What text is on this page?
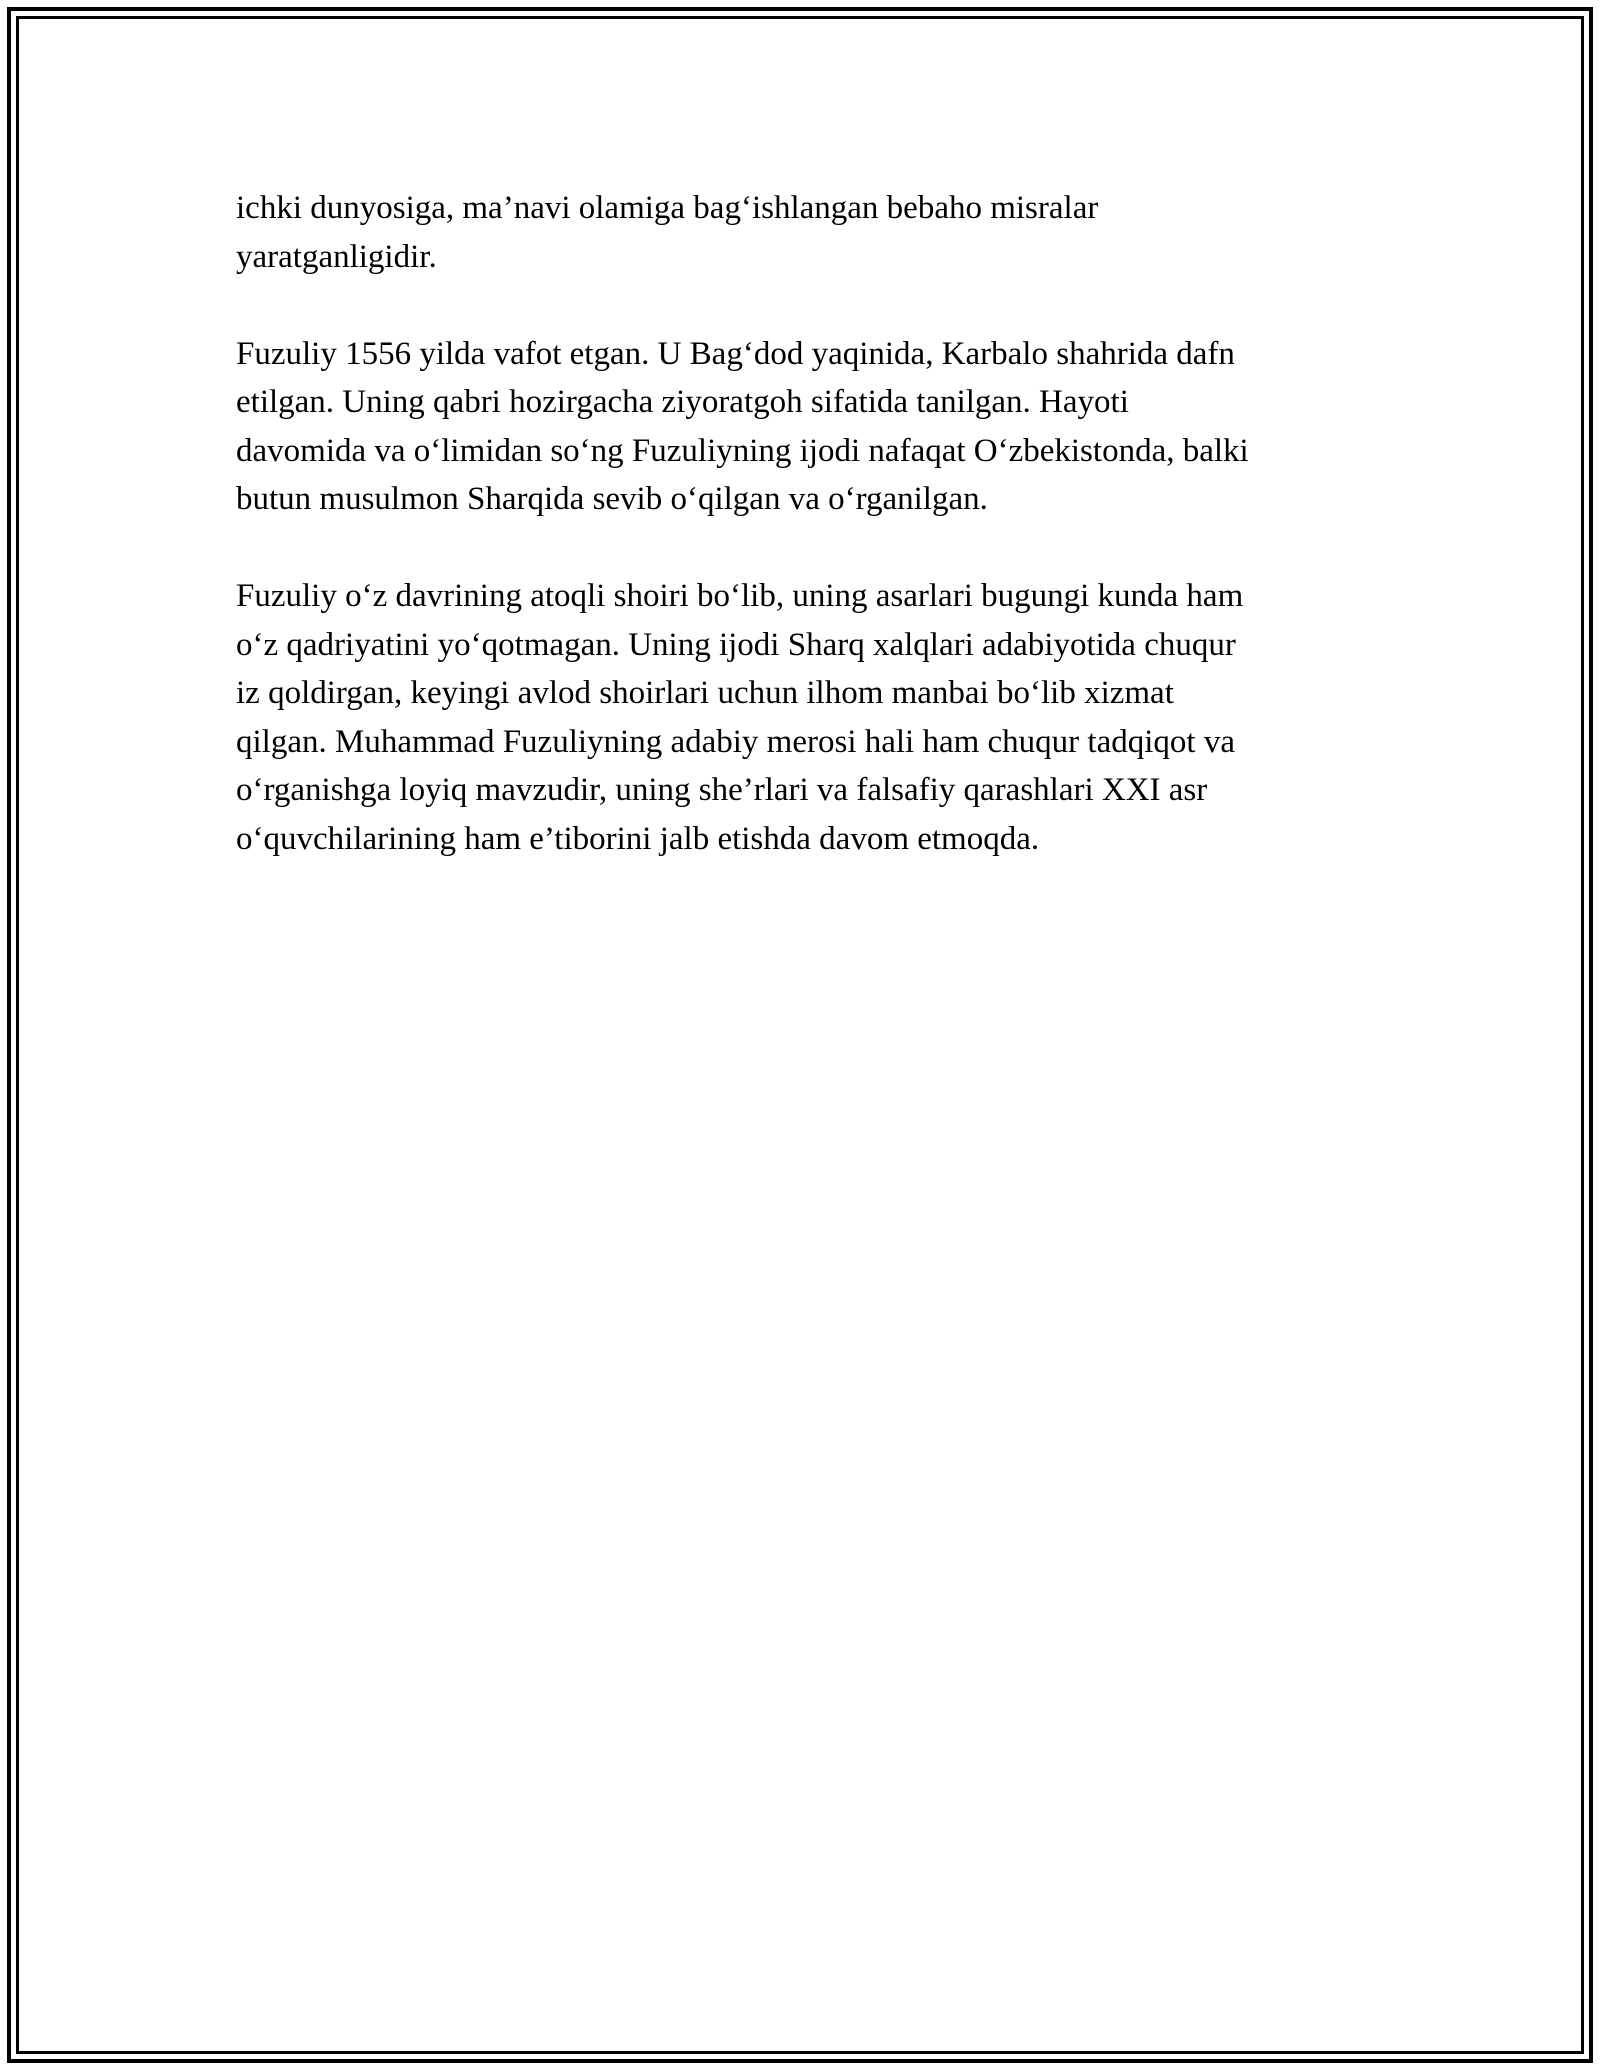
ichki dunyosiga, ma’navi olamiga bag‘ishlangan bebaho misralar
yaratganligidir.

Fuzuliy 1556 yilda vafot etgan. U Bag‘dod yaqinida, Karbalo shahrida dafn
etilgan. Uning qabri hozirgacha ziyoratgoh sifatida tanilgan. Hayoti
davomida va o‘limidan so‘ng Fuzuliyning ijodi nafaqat O‘zbekistonda, balki
butun musulmon Sharqida sevib o‘qilgan va o‘rganilgan.

Fuzuliy o‘z davrining atoqli shoiri bo‘lib, uning asarlari bugungi kunda ham
o‘z qadriyatini yo‘qotmagan. Uning ijodi Sharq xalqlari adabiyotida chuqur
iz qoldirgan, keyingi avlod shoirlari uchun ilhom manbai bo‘lib xizmat
qilgan. Muhammad Fuzuliyning adabiy merosi hali ham chuqur tadqiqot va
o‘rganishga loyiq mavzudir, uning she’rlari va falsafiy qarashlari XXI asr
o‘quvchilarining ham e’tiborini jalb etishda davom etmoqda.
